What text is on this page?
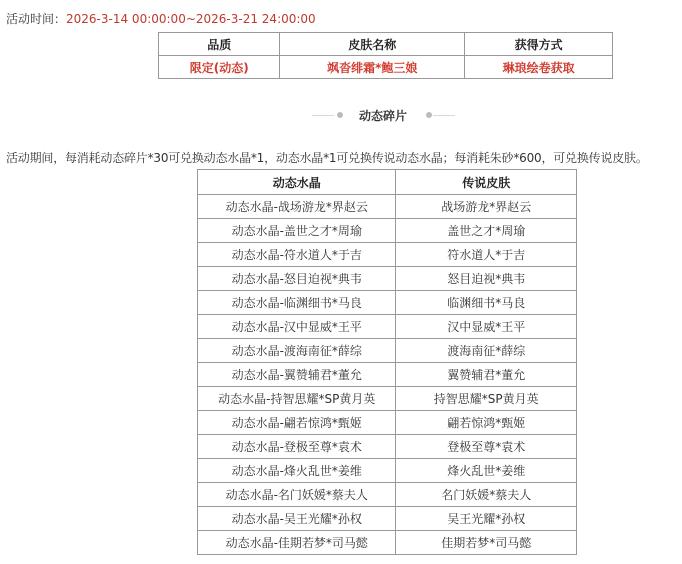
活动时间：2026-3-14 00:00:00~2026-3-21 24:00:00
品质	皮肤名称	获得方式
限定(动态)	飒沓绯霜*鲍三娘	琳琅绘卷获取
动态碎片
活动期间，每消耗动态碎片*30可兑换动态水晶*1，动态水晶*1可兑换传说动态水晶；每消耗朱砂*600，可兑换传说皮肤。
动态水晶	传说皮肤
动态水晶-战场游龙*界赵云	战场游龙*界赵云
动态水晶-盖世之才*周瑜	盖世之才*周瑜
动态水晶-符水道人*于吉	符水道人*于吉
动态水晶-怒目迫视*典韦	怒目迫视*典韦
动态水晶-临渊细书*马良	临渊细书*马良
动态水晶-汉中显威*王平	汉中显威*王平
动态水晶-渡海南征*薛综	渡海南征*薛综
动态水晶-翼赞辅君*董允	翼赞辅君*董允
动态水晶-持智思耀*SP黄月英	持智思耀*SP黄月英
动态水晶-翩若惊鸿*甄姬	翩若惊鸿*甄姬
动态水晶-登极至尊*袁术	登极至尊*袁术
动态水晶-烽火乱世*姜维	烽火乱世*姜维
动态水晶-名门妖媛*蔡夫人	名门妖媛*蔡夫人
动态水晶-吴王光耀*孙权	吴王光耀*孙权
动态水晶-佳期若梦*司马懿	佳期若梦*司马懿
